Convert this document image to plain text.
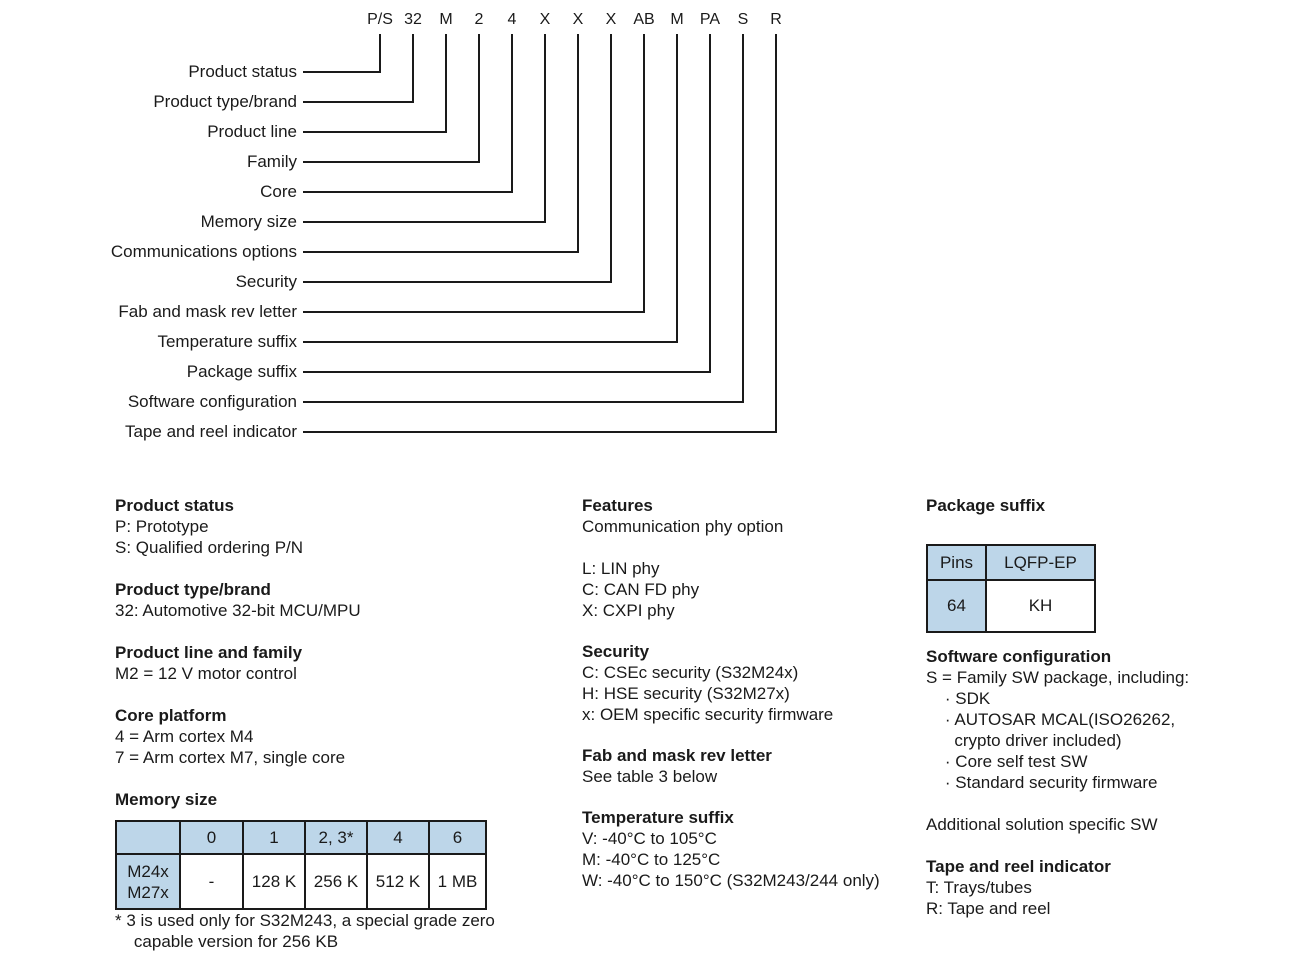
P/S 32 M 2 4 X X X AB M PA S R
Product status
Product type/brand
Product line
Family
Core
Memory size
Communications options
Security
Fab and mask rev letter
Temperature suffix
Package suffix
Software configuration
Tape and reel indicator
Product status
P: Prototype
S: Qualified ordering P/N
Product type/brand
32: Automotive 32-bit MCU/MPU
Product line and family
M2 = 12 V motor control
Core platform
4 = Arm cortex M4
7 = Arm cortex M7, single core
Memory size
	0	1	2, 3*	4	6

M24x
M27x	-	128 K	256 K	512 K	1 MB
* 3 is used only for S32M243, a special grade zero
capable version for 256 KB
Features
Communication phy option
L: LIN phy
C: CAN FD phy
X: CXPI phy
Security
C: CSEc security (S32M24x)
H: HSE security (S32M27x)
x: OEM specific security firmware
Fab and mask rev letter
See table 3 below
Temperature suffix
V: -40°C to 105°C
M: -40°C to 125°C
W: -40°C to 150°C (S32M243/244 only)
Package suffix
Pins	LQFP-EP
64	KH
Software configuration
S = Family SW package, including:
· SDK
· AUTOSAR MCAL(ISO26262,
crypto driver included)
· Core self test SW
· Standard security firmware
Additional solution specific SW
Tape and reel indicator
T: Trays/tubes
R: Tape and reel
